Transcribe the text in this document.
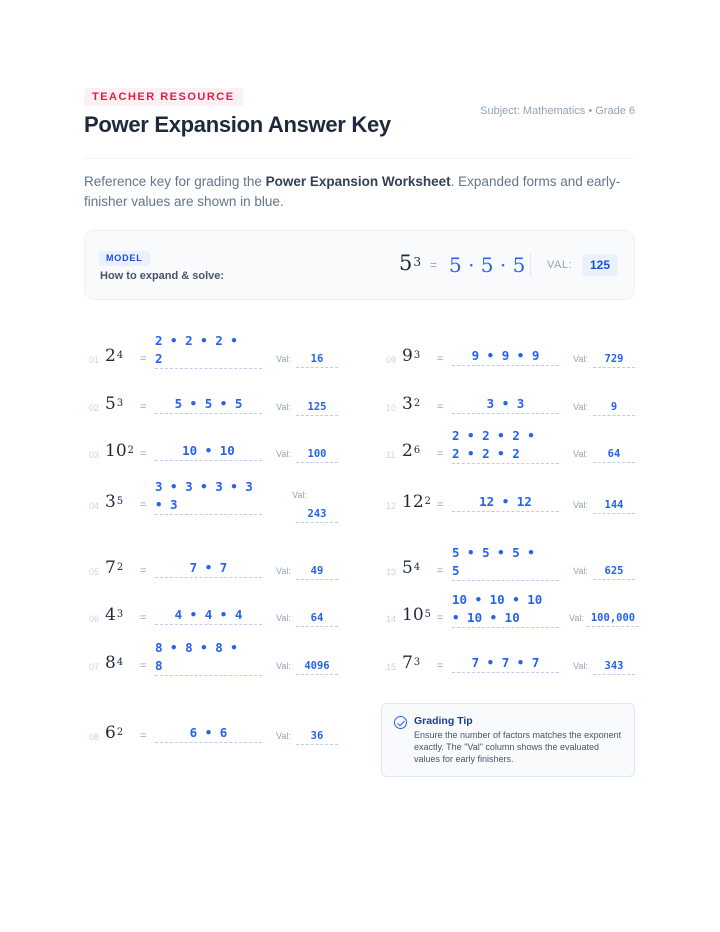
TEACHER RESOURCE
Power Expansion Answer Key
Subject: Mathematics • Grade 6

Reference key for grading the Power Expansion Worksheet. Expanded forms and early-finisher values are shown in blue.

MODEL
How to expand & solve:
$5^3 = 5 \cdot 5 \cdot 5$ VAL:	125
01 $2^4$ =
2 • 2 • 2 •
2	Val:	16
02 $5^3$ =	5 • 5 • 5	Val:	125
03 $10^2$ =	10 • 10	Val:	100
04 $3^5$ =
3 • 3 • 3 • 3
• 3
Val:
243
05 $7^2$ =	7 • 7	Val:	49
06 $4^3$ =	4 • 4 • 4	Val:	64
07 $8^4$ =
8 • 8 • 8 •
8	Val:	4096
08 $6^2$ =	6 • 6	Val:	36
09 $9^3$ =	9 • 9 • 9	Val:	729
10 $3^2$ =	3 • 3	Val:	9
11 $2^6$ =
2 • 2 • 2 •
2 • 2 • 2	Val:	64
12 $12^2$ =	12 • 12	Val:	144
13 $5^4$ =
5 • 5 • 5 •
5	Val:	625
14 $10^5$ =
10 • 10 • 10
• 10 • 10	Val: 100,000
15 $7^3$ =	7 • 7 • 7	Val:	343
Grading Tip
Ensure the number of factors matches the exponent exactly. The "Val" column shows the evaluated values for early finishers.
